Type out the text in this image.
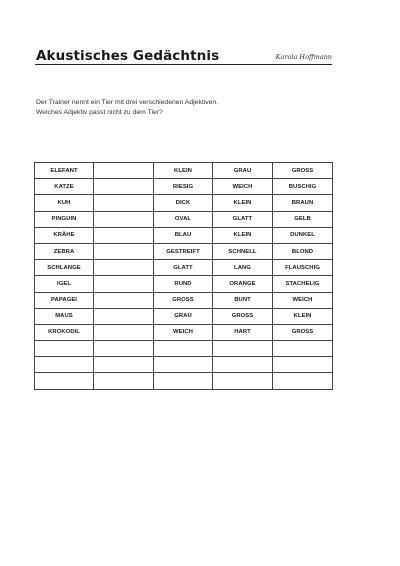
Akustisches Gedächtnis	Karola Hoffmann
Der Trainer nennt ein Tier mit drei verschiedenen Adjektiven.
Welches Adjektiv passt nicht zu dem Tier?
ELEFANT		KLEIN	GRAU	GROSS
KATZE		RIESIG	WEICH	BUSCHIG
KUH		DICK	KLEIN	BRAUN
PINGUIN		OVAL	GLATT	GELB
KRÄHE		BLAU	KLEIN	DUNKEL
ZEBRA		GESTREIFT	SCHNELL	BLOND
SCHLANGE		GLATT	LANG	FLAUSCHIG
IGEL		RUND	ORANGE	STACHELIG
PAPAGEI		GROSS	BUNT	WEICH
MAUS		GRAU	GROSS	KLEIN
KROKODIL		WEICH	HART	GROSS
